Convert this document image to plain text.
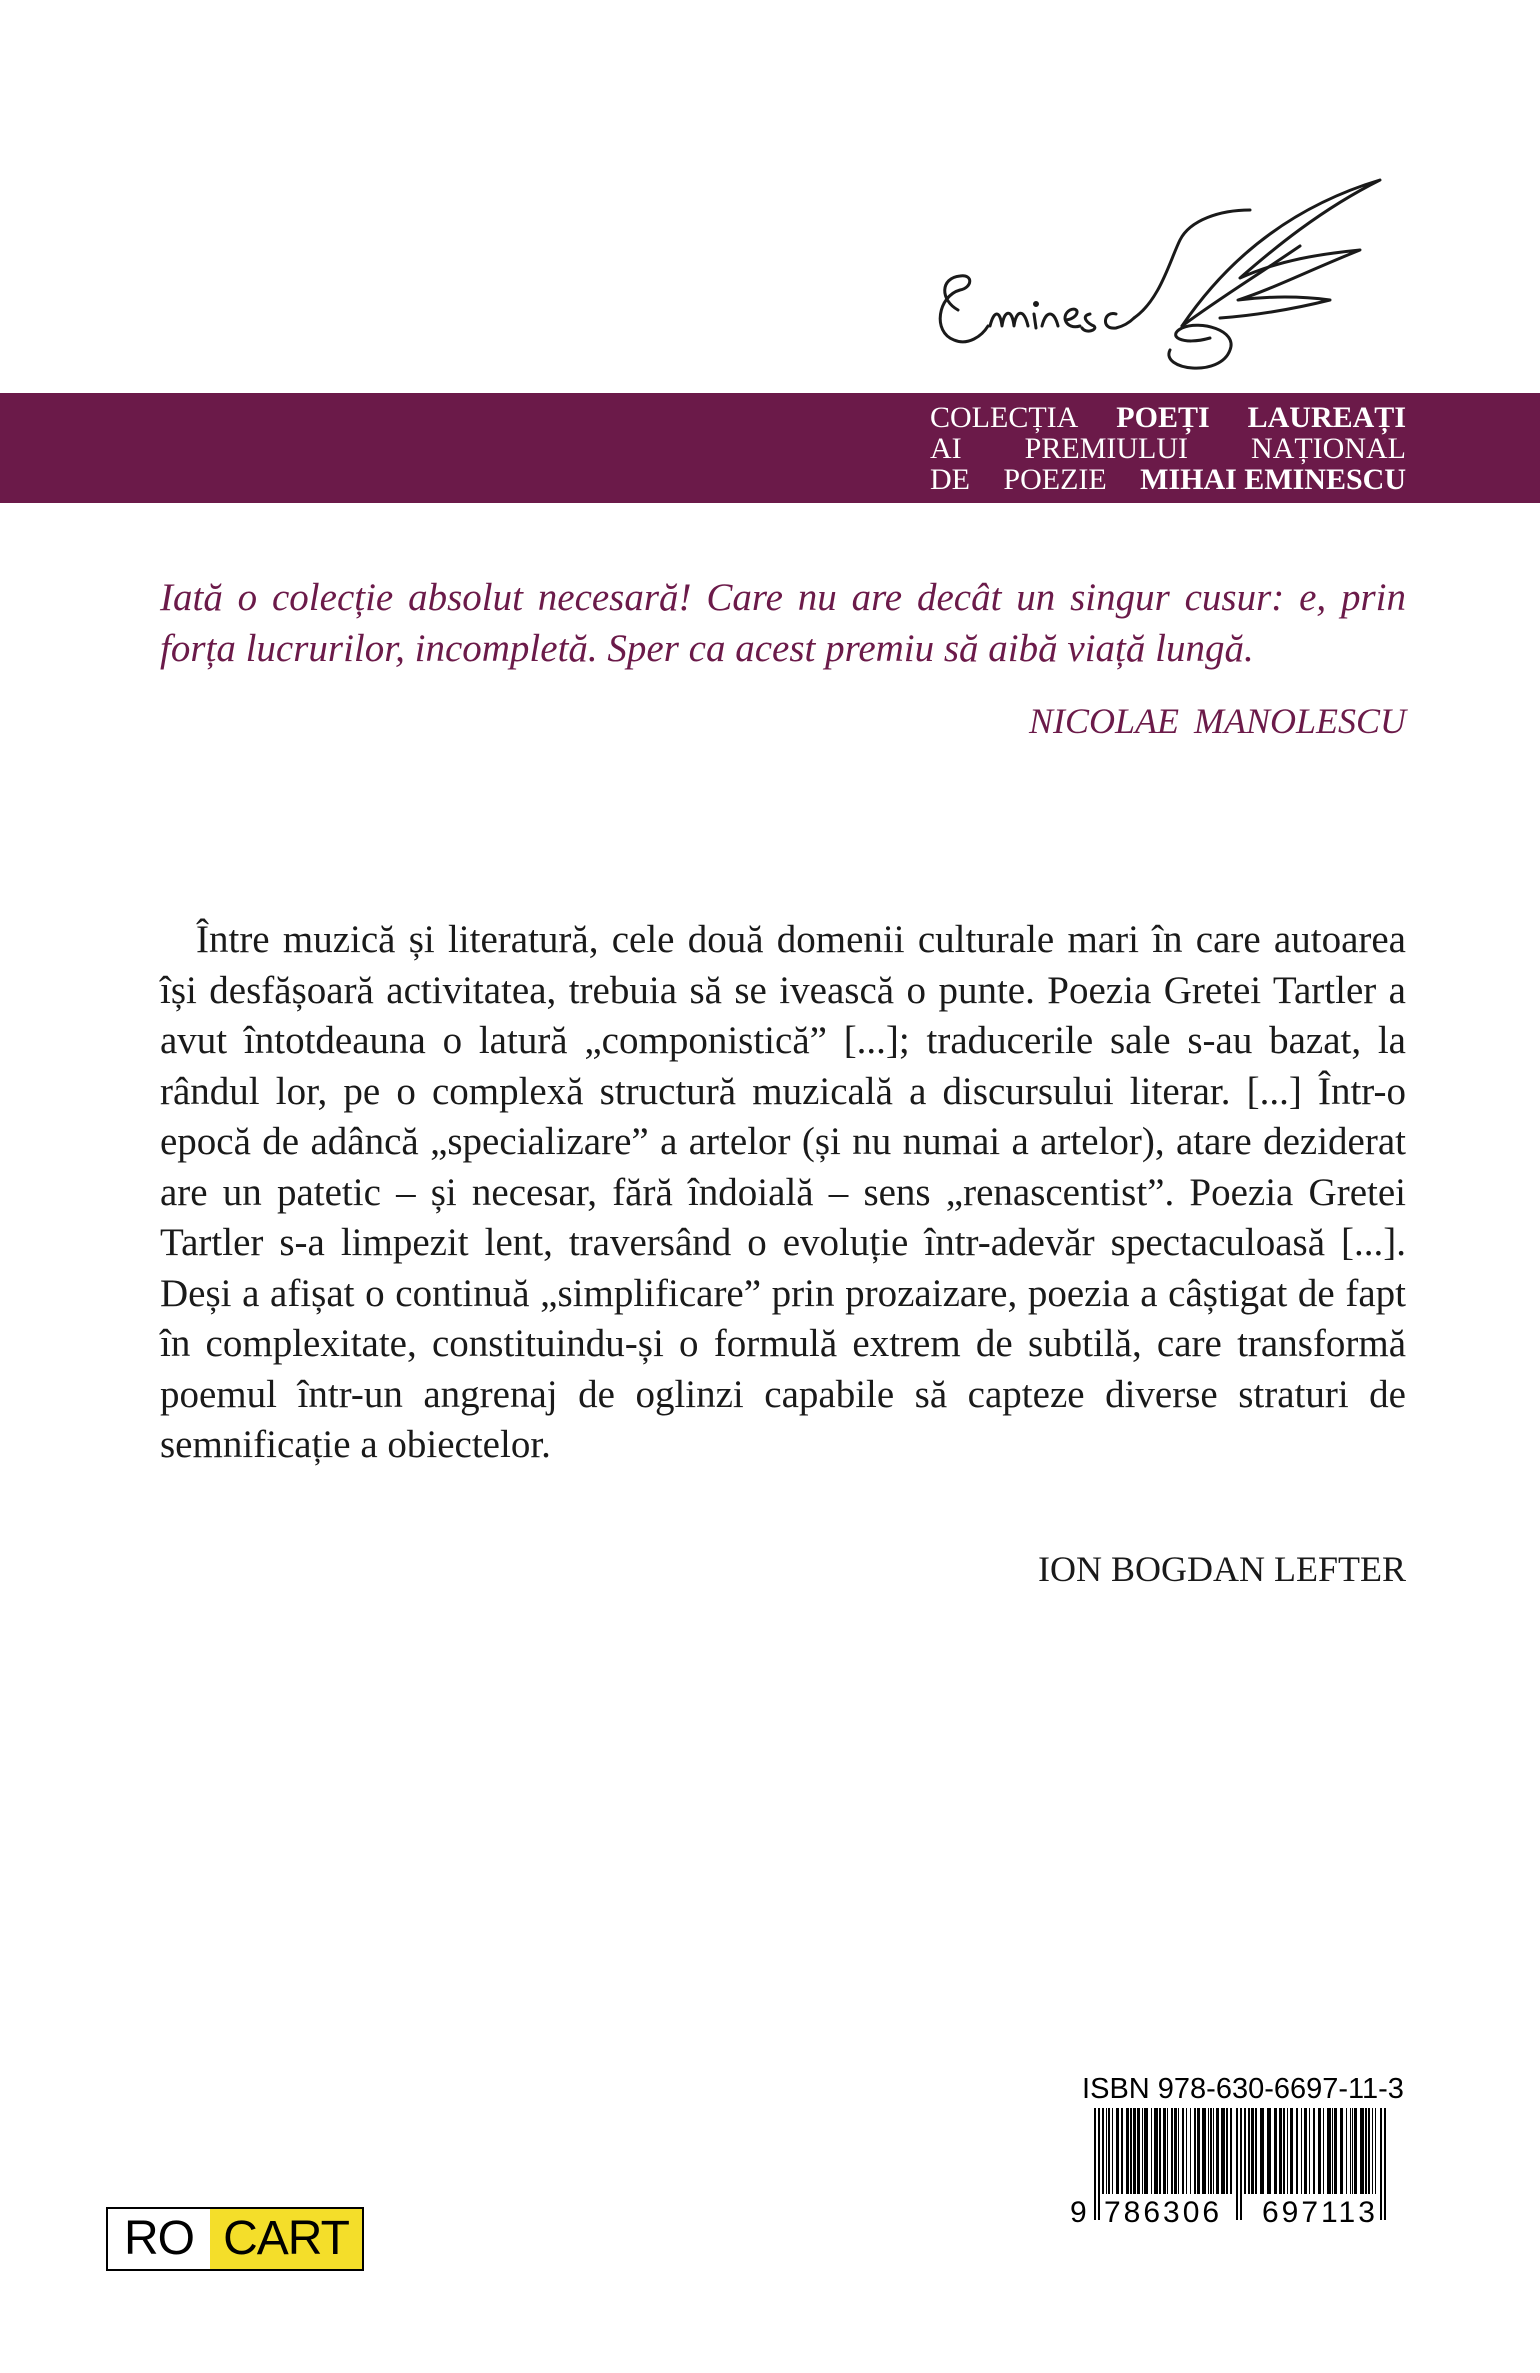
COLECȚIA POEȚI LAUREAȚI
AI PREMIULUI NAȚIONAL
DE POEZIE MIHAI EMINESCU

Iată o colecție absolut necesară! Care nu are decât un singur cusur: e, prin forța lucrurilor, incompletă. Sper ca acest premiu să aibă viață lungă.

NICOLAE MANOLESCU

Între muzică și literatură, cele două domenii culturale mari în care autoarea își desfășoară activitatea, trebuia să se ivească o punte. Poezia Gretei Tartler a avut întotdeauna o latură „componistică” [...]; traducerile sale s-au bazat, la rândul lor, pe o complexă structură muzicală a discursului literar. [...] Într-o epocă de adâncă „specializare” a artelor (și nu numai a artelor), atare deziderat are un patetic – și necesar, fără îndoială – sens „renascentist”. Poezia Gretei Tartler s-a limpezit lent, traversând o evoluție într-adevăr spectaculoasă [...]. Deși a afișat o continuă „simplificare” prin prozaizare, poezia a câștigat de fapt în complexitate, constituindu-și o formulă extrem de subtilă, care transformă poemul într-un angrenaj de oglinzi capabile să capteze diverse straturi de semnificație a obiectelor.

ION BOGDAN LEFTER
RO CART
ISBN 978-630-6697-11-3
9 786306 697113
